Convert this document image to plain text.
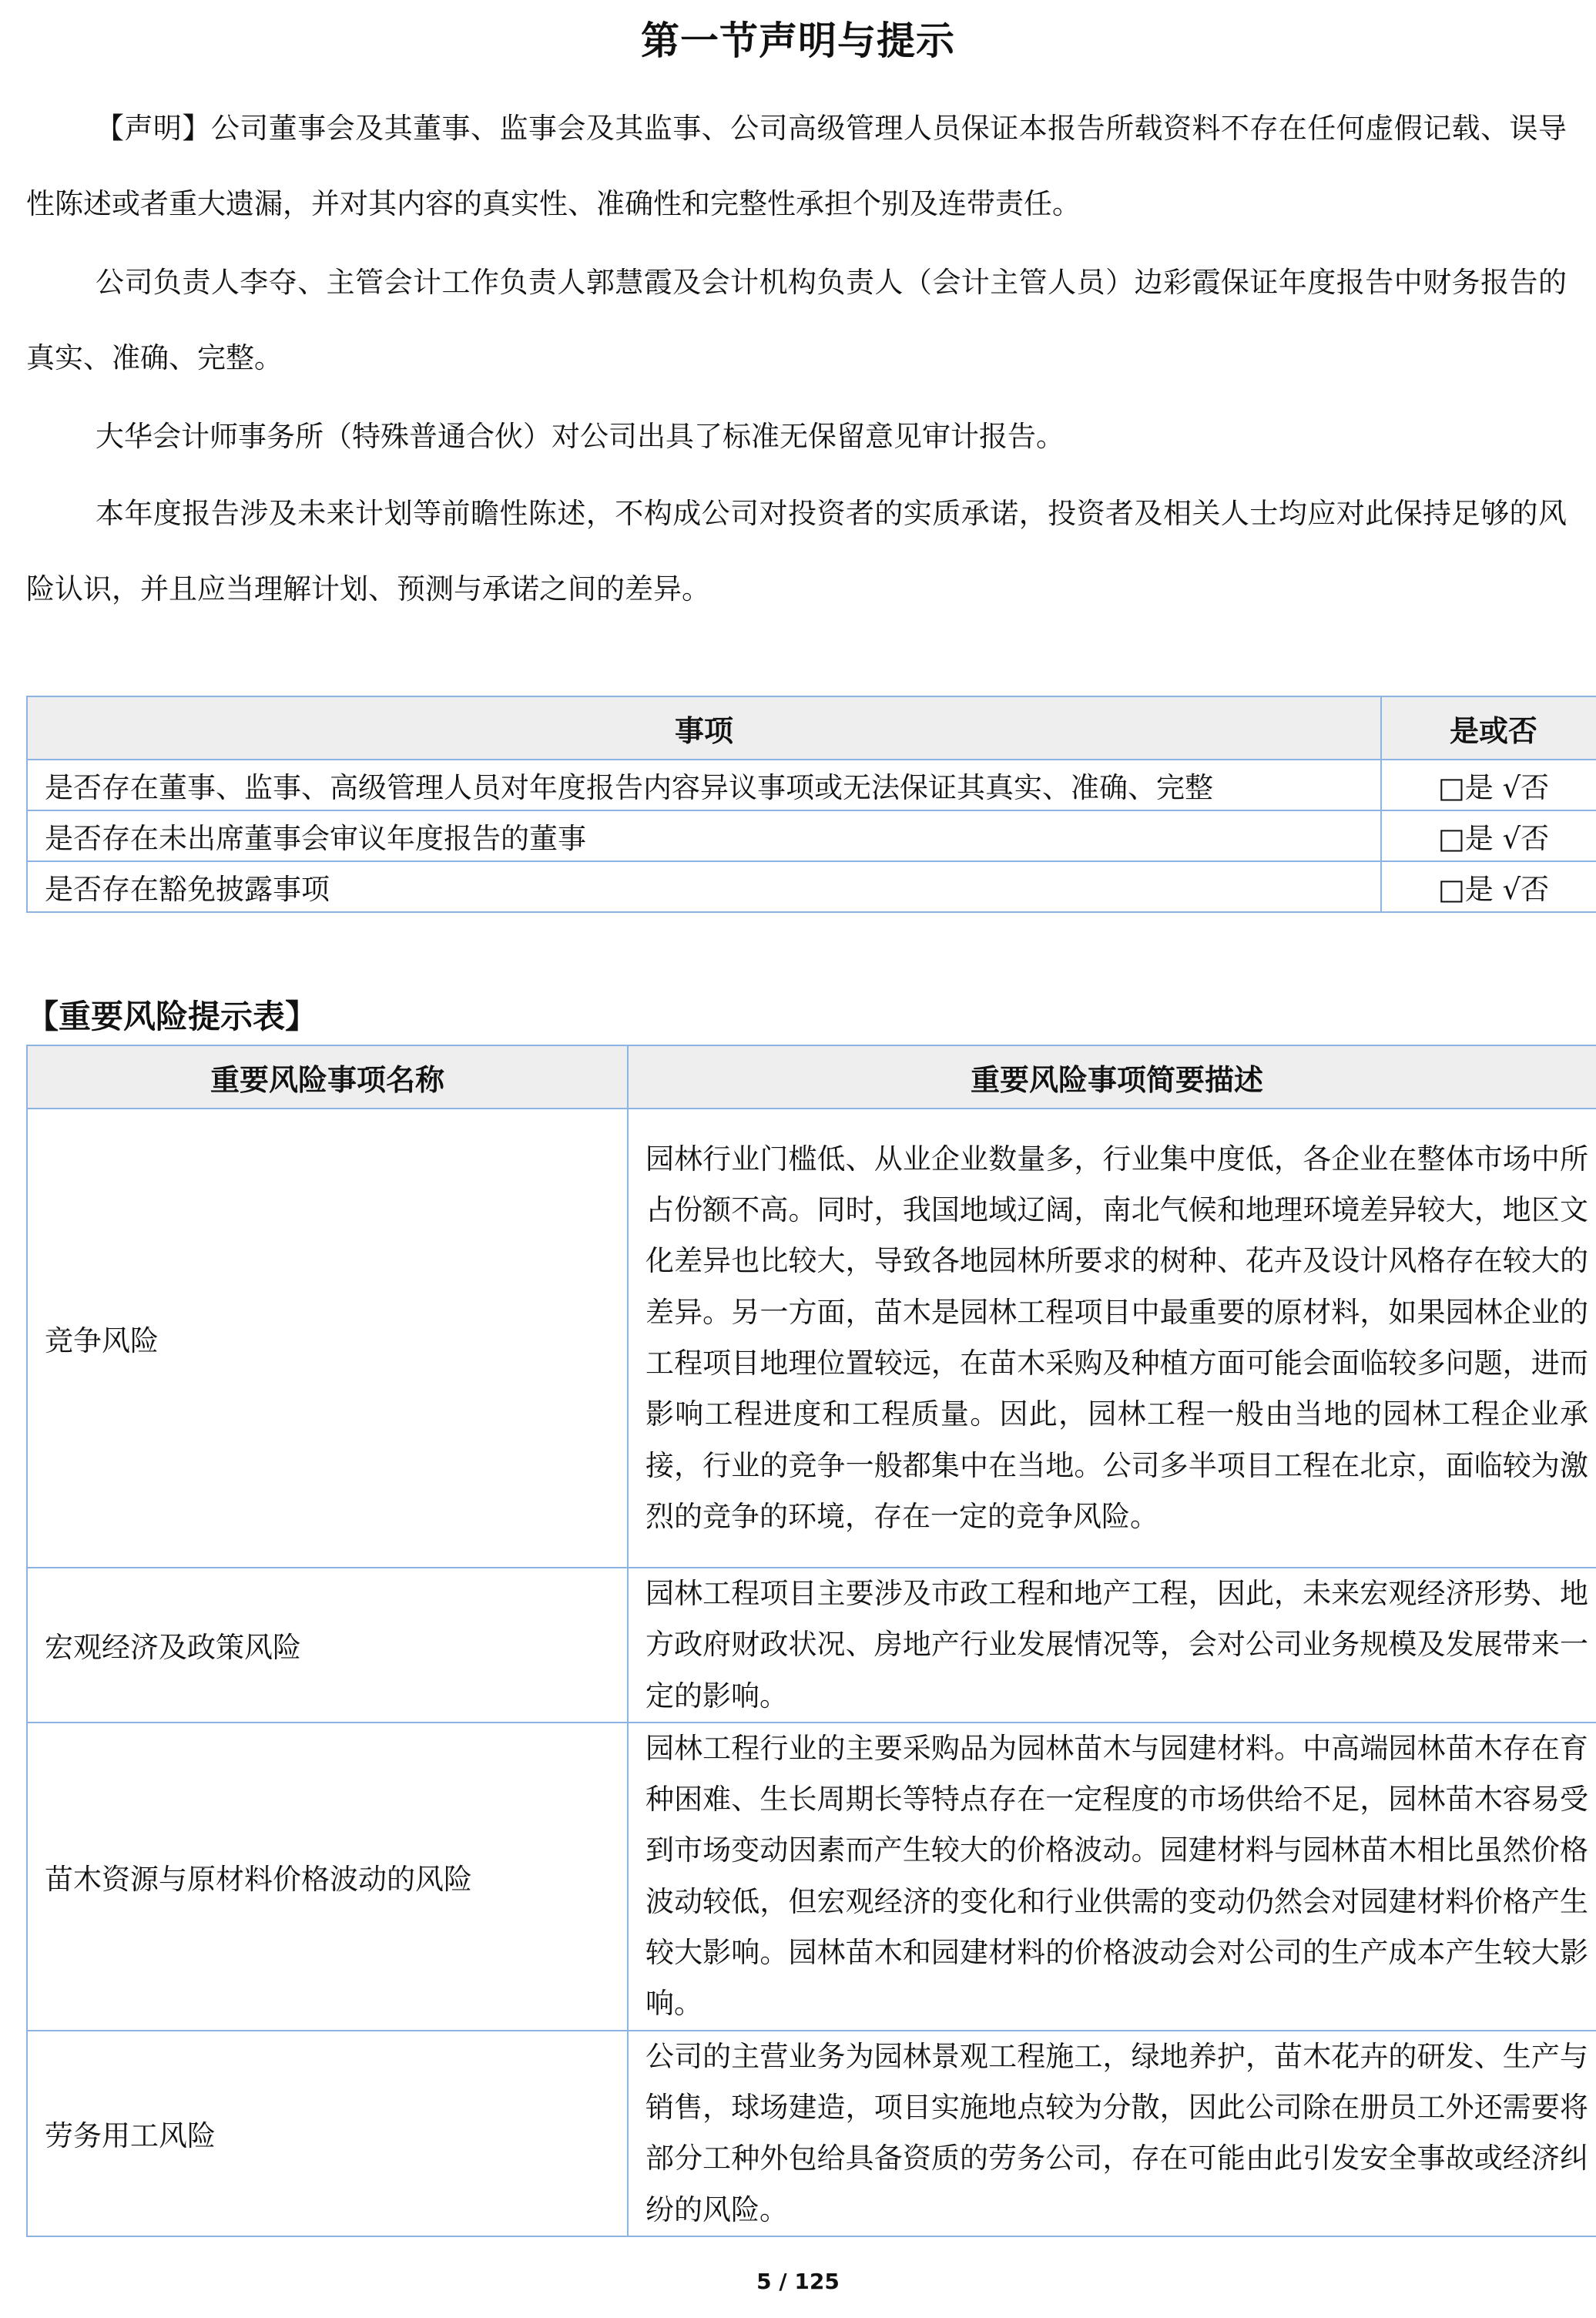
第一节声明与提示

【声明】公司董事会及其董事、监事会及其监事、公司高级管理人员保证本报告所载资料不存在任何虚假记载、误导性陈述或者重大遗漏，并对其内容的真实性、准确性和完整性承担个别及连带责任。

公司负责人李夺、主管会计工作负责人郭慧霞及会计机构负责人（会计主管人员）边彩霞保证年度报告中财务报告的真实、准确、完整。

大华会计师事务所（特殊普通合伙）对公司出具了标准无保留意见审计报告。

本年度报告涉及未来计划等前瞻性陈述，不构成公司对投资者的实质承诺，投资者及相关人士均应对此保持足够的风险认识，并且应当理解计划、预测与承诺之间的差异。

事项	是或否
是否存在董事、监事、高级管理人员对年度报告内容异议事项或无法保证其真实、准确、完整	□是 √否
是否存在未出席董事会审议年度报告的董事	□是 √否
是否存在豁免披露事项	□是 √否
【重要风险提示表】
重要风险事项名称	重要风险事项简要描述
竞争风险	园林行业门槛低、从业企业数量多，行业集中度低，各企业在整体市场中所占份额不高。同时，我国地域辽阔，南北气候和地理环境差异较大，地区文化差异也比较大，导致各地园林所要求的树种、花卉及设计风格存在较大的差异。另一方面，苗木是园林工程项目中最重要的原材料，如果园林企业的工程项目地理位置较远，在苗木采购及种植方面可能会面临较多问题，进而影响工程进度和工程质量。因此，园林工程一般由当地的园林工程企业承接，行业的竞争一般都集中在当地。公司多半项目工程在北京，面临较为激烈的竞争的环境，存在一定的竞争风险。
宏观经济及政策风险	园林工程项目主要涉及市政工程和地产工程，因此，未来宏观经济形势、地方政府财政状况、房地产行业发展情况等，会对公司业务规模及发展带来一定的影响。
苗木资源与原材料价格波动的风险	园林工程行业的主要采购品为园林苗木与园建材料。中高端园林苗木存在育种困难、生长周期长等特点存在一定程度的市场供给不足，园林苗木容易受到市场变动因素而产生较大的价格波动。园建材料与园林苗木相比虽然价格波动较低，但宏观经济的变化和行业供需的变动仍然会对园建材料价格产生较大影响。园林苗木和园建材料的价格波动会对公司的生产成本产生较大影响。
劳务用工风险	公司的主营业务为园林景观工程施工，绿地养护，苗木花卉的研发、生产与销售，球场建造，项目实施地点较为分散，因此公司除在册员工外还需要将部分工种外包给具备资质的劳务公司，存在可能由此引发安全事故或经济纠纷的风险。
5 / 125
